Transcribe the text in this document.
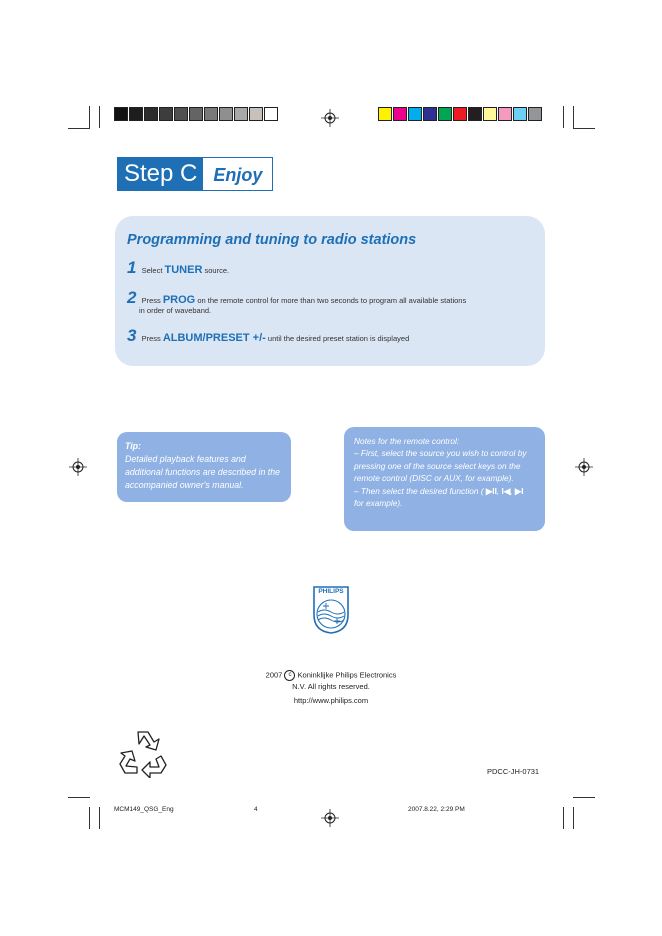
Step C Enjoy
Programming and tuning to radio stations
1 Select TUNER source.
2 Press PROG on the remote control for more than two seconds to program all available stations
in order of waveband.
3 Press ALBUM/PRESET +/- until the desired preset station is displayed
Tip:
Detailed playback features and additional functions are described in the accompanied owner's manual.
Notes for the remote control:
– First, select the source you wish to control by pressing one of the source select keys on the remote control (DISC or AUX, for example).
– Then select the desired function ( ▶II, I◀, ▶I for example).
PHILIPS
2007 c Koninklijke Philips Electronics
N.V. All rights reserved.
http://www.philips.com
PDCC-JH-0731
MCM149_QSG_Eng	4	2007.8.22, 2:29 PM
